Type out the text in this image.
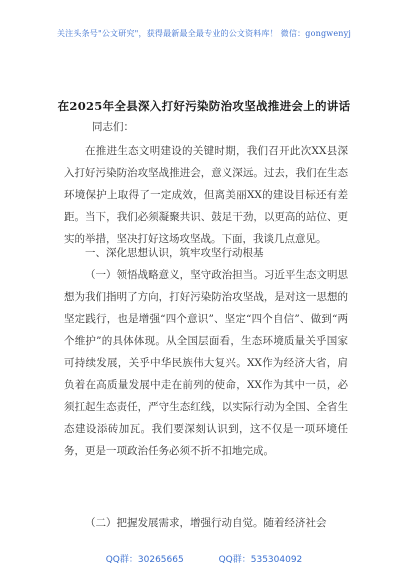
关注头条号"公文研究"，获得最新最全最专业的公文资料库！ 微信：gongwenyj
在2025年全县深入打好污染防治攻坚战推进会上的讲话
同志们：

在推进生态文明建设的关键时期，我们召开此次XX县深入打好污染防治攻坚战推进会，意义深远。过去，我们在生态环境保护上取得了一定成效，但离美丽XX的建设目标还有差距。当下，我们必须凝聚共识、鼓足干劲，以更高的站位、更实的举措，坚决打好这场攻坚战。下面，我谈几点意见。

一、深化思想认识，筑牢攻坚行动根基

（一）领悟战略意义，坚守政治担当。习近平生态文明思想为我们指明了方向，打好污染防治攻坚战，是对这一思想的坚定践行，也是增强“四个意识”、坚定“四个自信”、做到“两个维护”的具体体现。从全国层面看，生态环境质量关乎国家可持续发展，关乎中华民族伟大复兴。XX作为经济大省，肩负着在高质量发展中走在前列的使命，XX作为其中一员，必须扛起生态责任，严守生态红线，以实际行动为全国、全省生态建设添砖加瓦。我们要深刻认识到，这不仅是一项环境任务，更是一项政治任务必须不折不扣地完成。

（二）把握发展需求，增强行动自觉。随着经济社会

QQ群：30265665	QQ群：535304092
